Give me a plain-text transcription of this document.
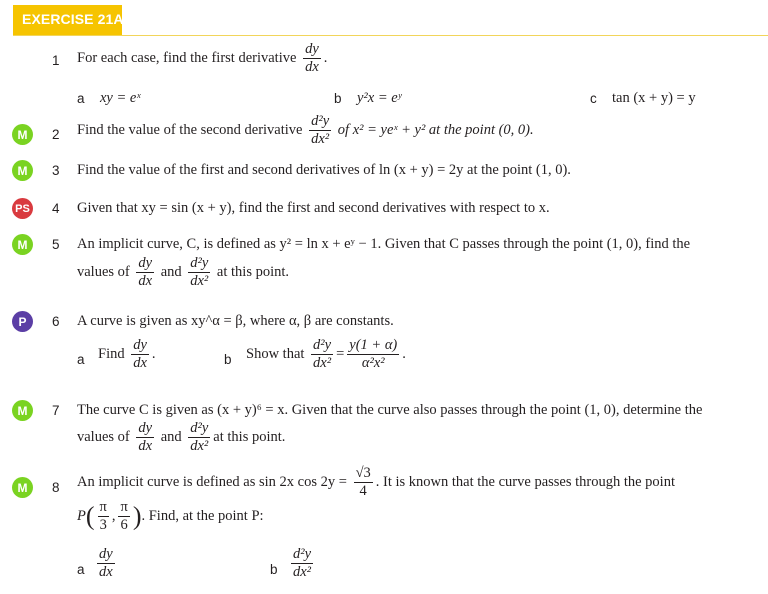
EXERCISE 21A
1 For each case, find the first derivative $\frac{dy}{dx}$ .
a xy = eˣ	b y²x = eʸ	c tan (x + y) = y
M	2 Find the value of the second derivative $\frac{\text{d²y}}{\text{dx²}}$ of x² = yeˣ + y² at the point (0, 0).
M	3 Find the value of the first and second derivatives of ln (x + y) = 2y at the point (1, 0).
PS 4 Given that xy = sin (x + y), find the first and second derivatives with respect to x.
M	5 An implicit curve, C, is defined as y² = ln x + eʸ − 1. Given that C passes through the point (1, 0), find the
values of $\frac{dy}{dx}$ and $\frac{\text{d²y}}{\text{dx²}}$ at this point.
P	6 A curve is given as xy^α = β, where α, β are constants.
a Find $\frac{dy}{dx}$ .	b Show that $\frac{\text{d²y}}{\text{dx²}} = \frac{y(1 + \alpha)}{\text{α²x²}}$ .
M	7 The curve C is given as (x + y)⁶ = x. Given that the curve also passes through the point (1, 0), determine the
values of $\frac{dy}{dx}$ and $\frac{\text{d²y}}{\text{dx²}}$ at this point.
M	8 An implicit curve is defined as sin 2x $\cos 2y = \frac{√3}{4}$ . It is known that the curve passes through the point
$P( \frac{\pi}{3}$ , $\frac{\pi}{6}$ ). Find, at the point P:
a $\frac{dy}{dx}$	b $\frac{\text{d²y}}{\text{dx²}}$
